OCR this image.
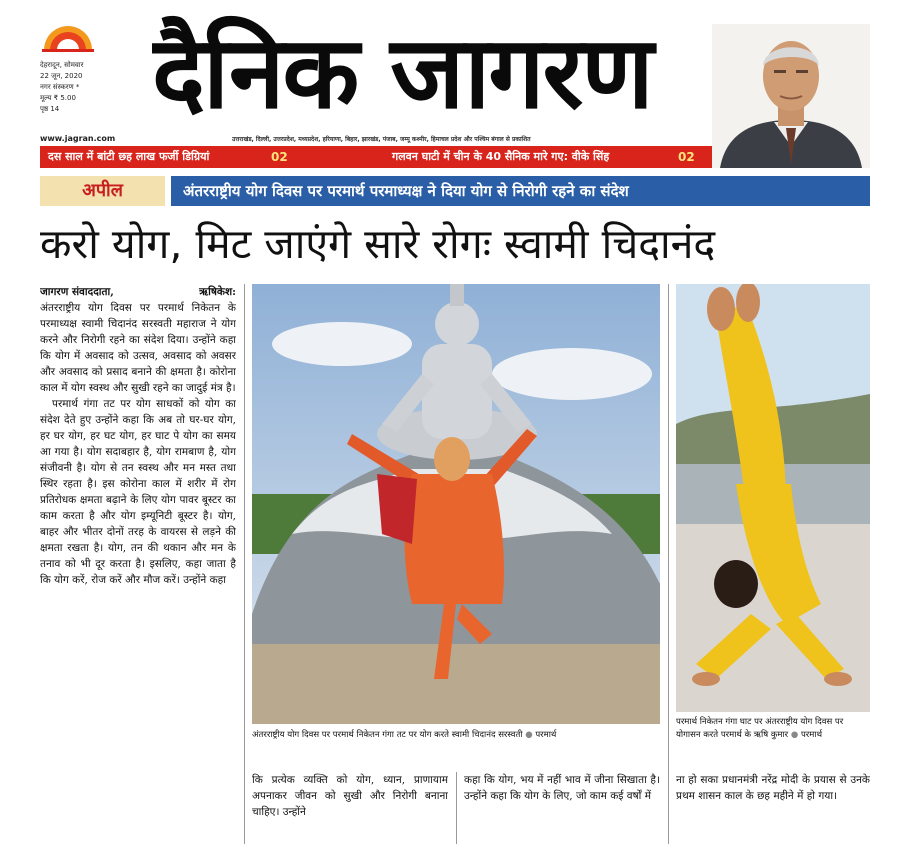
देहरादून, सोमवार
22 जून, 2020
नगर संस्करण *
मूल्य ₹ 5.00
पृष्ठ 14 दैनिक जागरण
www.jagran.com	उत्तराखंड, दिल्ली, उत्तरप्रदेश, मध्यप्रदेश, हरियाणा, बिहार, झारखंड, पंजाब, जम्मू कश्मीर, हिमाचल प्रदेश और पश्चिम बंगाल से प्रकाशित
दस साल में बांटी छह लाख फर्जी डिग्रियां	02	गलवन घाटी में चीन के 40 सैनिक मारे गए: वीके सिंह	02
अपील	अंतरराष्ट्रीय योग दिवस पर परमार्थ परमाध्यक्ष ने दिया योग से निरोगी रहने का संदेश
करो योग, मिट जाएंगे सारे रोगः स्वामी चिदानंद
जागरण संवाददाता,	ऋषिकेश:

अंतरराष्ट्रीय योग दिवस पर परमार्थ निकेतन के परमाध्यक्ष स्वामी चिदानंद सरस्वती महाराज ने योग करने और निरोगी रहने का संदेश दिया। उन्होंने कहा कि योग में अवसाद को उत्सव, अवसाद को अवसर और अवसाद को प्रसाद बनाने की क्षमता है। कोरोना काल में योग स्वस्थ और सुखी रहने का जादुई मंत्र है।

परमार्थ गंगा तट पर योग साधकों को योग का संदेश देते हुए उन्होंने कहा कि अब तो घर-घर योग, हर घर योग, हर घट योग, हर घाट पे योग का समय आ गया है। योग सदाबहार है, योग रामबाण है, योग संजीवनी है। योग से तन स्वस्थ और मन मस्त तथा स्थिर रहता है। इस कोरोना काल में शरीर में रोग प्रतिरोधक क्षमता बढ़ाने के लिए योग पावर बूस्टर का काम करता है और योग इम्यूनिटी बूस्टर है। योग, बाहर और भीतर दोनों तरह के वायरस से लड़ने की क्षमता रखता है। योग, तन की थकान और मन के तनाव को भी दूर करता है। इसलिए, कहा जाता है कि योग करें, रोज करें और मौज करें। उन्होंने कहा

अंतरराष्ट्रीय योग दिवस पर परमार्थ निकेतन गंगा तट पर योग करते स्वामी चिदानंद सरस्वती ● परमार्थ
परमार्थ निकेतन गंगा घाट पर अंतरराष्ट्रीय योग दिवस पर योगासन करते परमार्थ के ऋषि कुमार ● परमार्थ
कि प्रत्येक व्यक्ति को योग, ध्यान, प्राणायाम अपनाकर जीवन को सुखी और निरोगी बनाना चाहिए। उन्होंने
कहा कि योग, भय में नहीं भाव में जीना सिखाता है। उन्होंने कहा कि योग के लिए, जो काम कई वर्षों में
ना हो सका प्रधानमंत्री नरेंद्र मोदी के प्रयास से उनके प्रथम शासन काल के छह महीने में हो गया।
